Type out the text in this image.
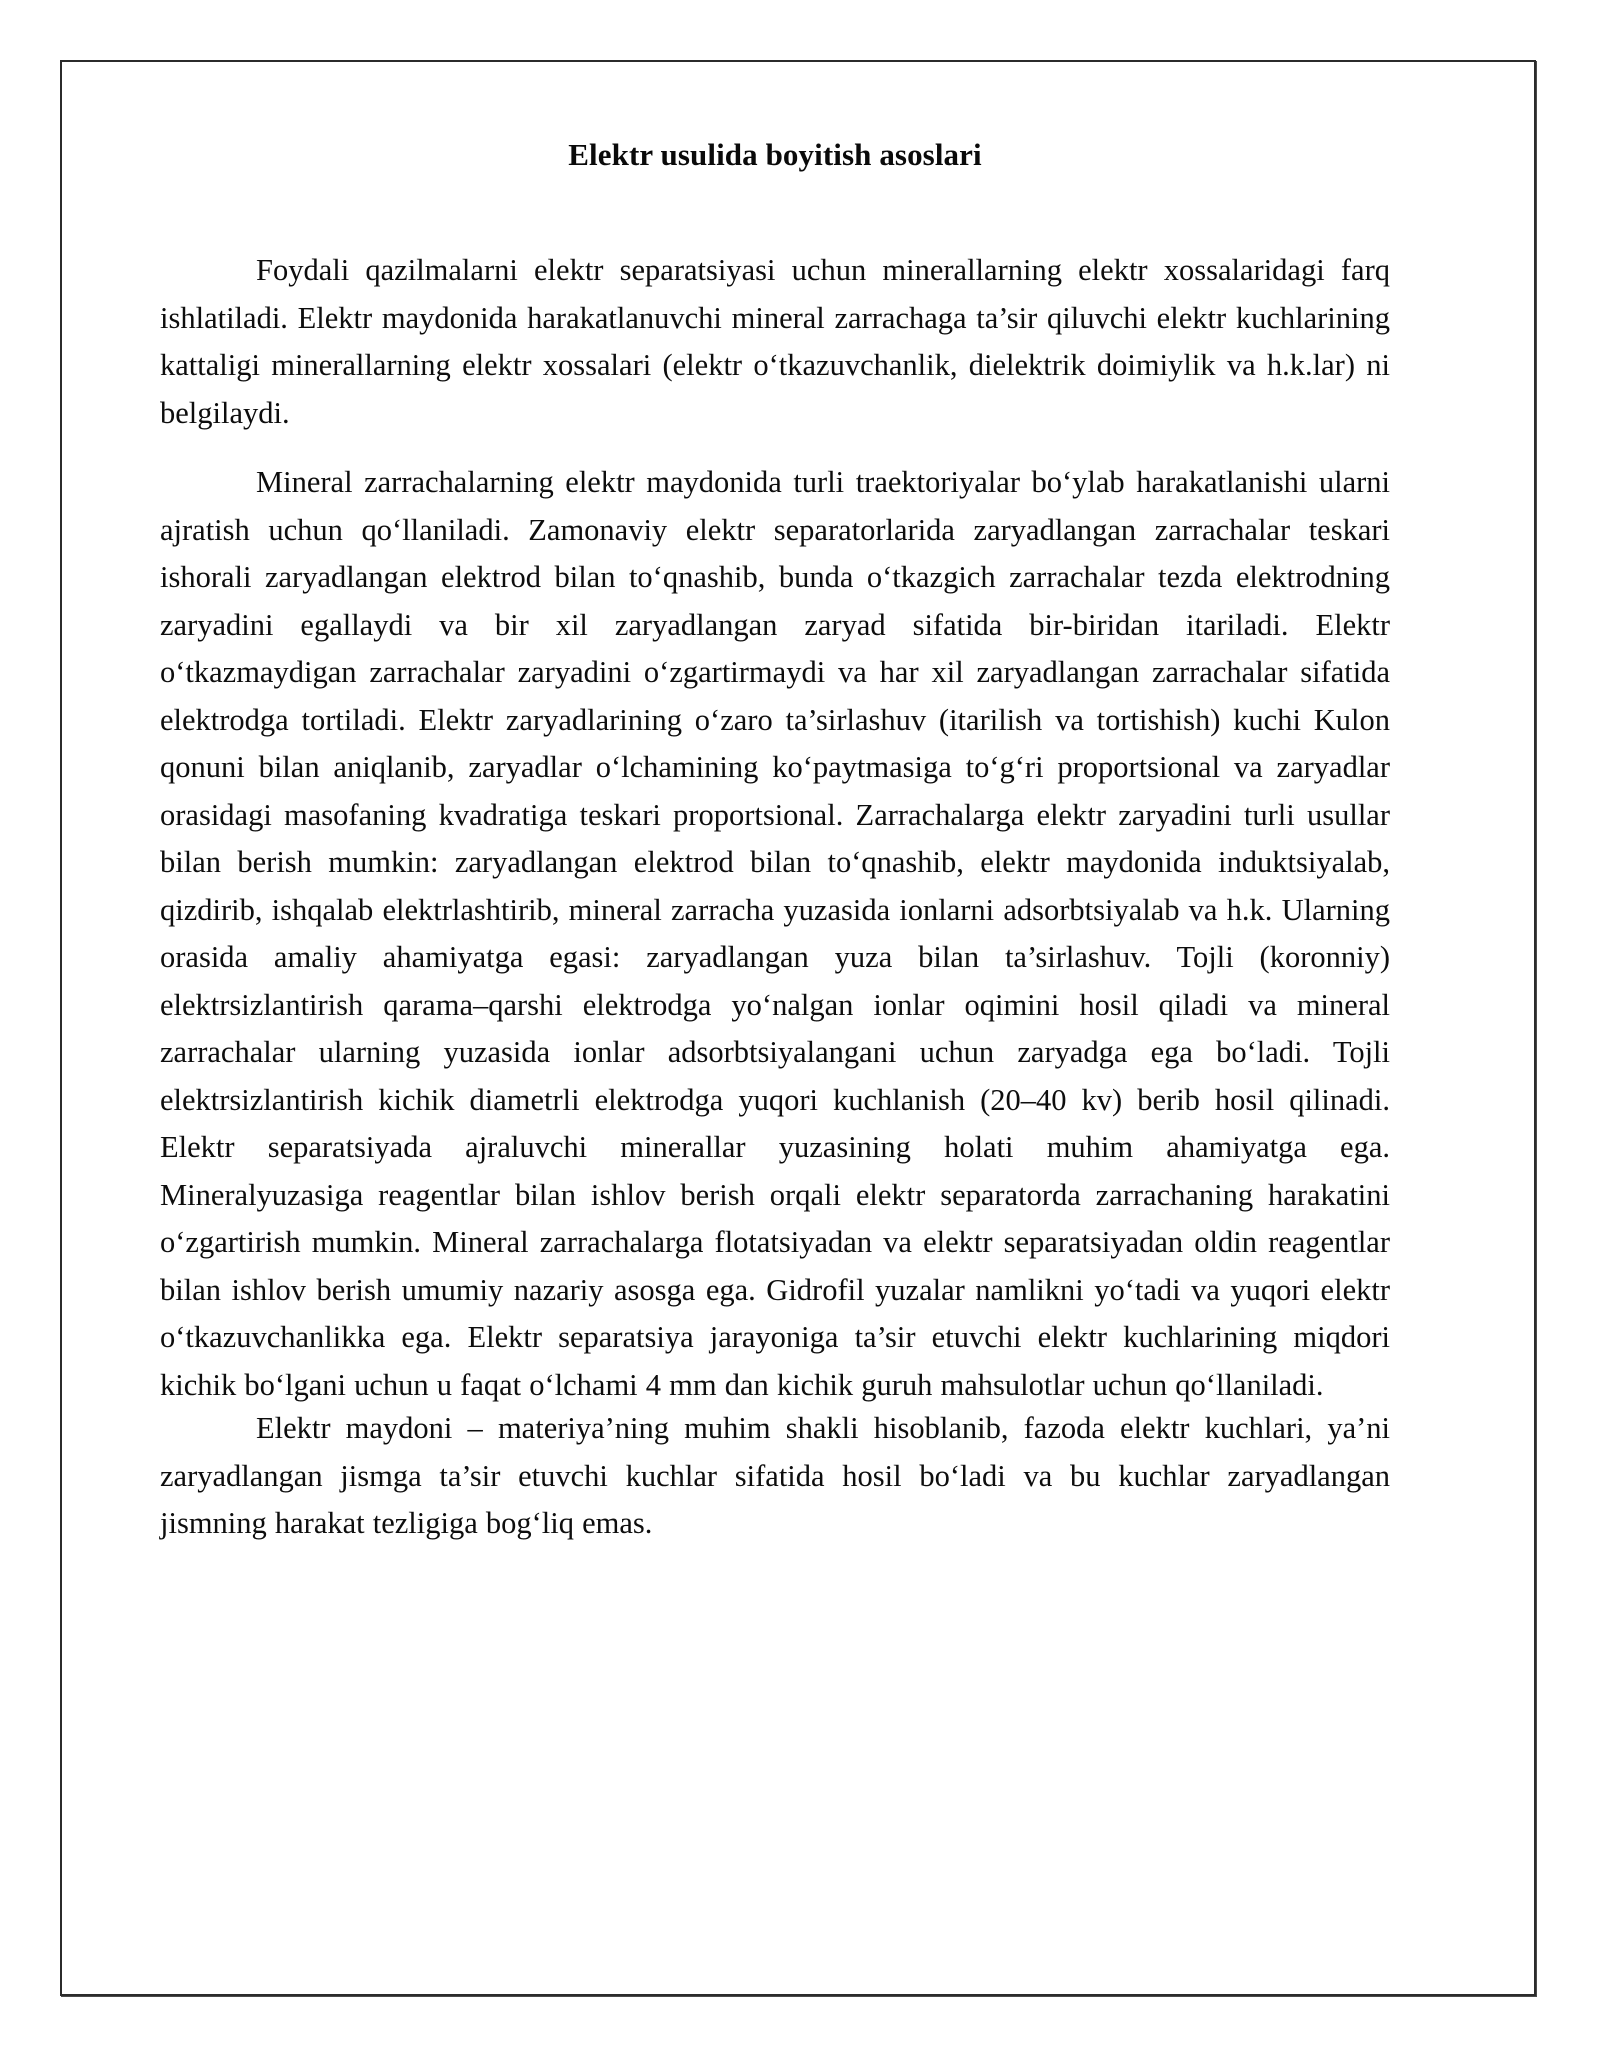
Elektr usulida boyitish asoslari

Foydali qazilmalarni elektr separatsiyasi uchun minerallarning elektr xossalaridagi farq ishlatiladi. Elektr maydonida harakatlanuvchi mineral zarrachaga ta’sir qiluvchi elektr kuchlarining kattaligi minerallarning elektr xossalari (elektr o‘tkazuvchanlik, dielektrik doimiylik va h.k.lar) ni belgilaydi.

Mineral zarrachalarning elektr maydonida turli traektoriyalar bo‘ylab harakatlanishi ularni ajratish uchun qo‘llaniladi. Zamonaviy elektr separatorlarida zaryadlangan zarrachalar teskari ishorali zaryadlangan elektrod bilan to‘qnashib, bunda o‘tkazgich zarrachalar tezda elektrodning zaryadini egallaydi va bir xil zaryadlangan zaryad sifatida bir-biridan itariladi. Elektr o‘tkazmaydigan zarrachalar zaryadini o‘zgartirmaydi va har xil zaryadlangan zarrachalar sifatida elektrodga tortiladi. Elektr zaryadlarining o‘zaro ta’sirlashuv (itarilish va tortishish) kuchi Kulon qonuni bilan aniqlanib, zaryadlar o‘lchamining ko‘paytmasiga to‘g‘ri proportsional va zaryadlar orasidagi masofaning kvadratiga teskari proportsional. Zarrachalarga elektr zaryadini turli usullar bilan berish mumkin: zaryadlangan elektrod bilan to‘qnashib, elektr maydonida induktsiyalab, qizdirib, ishqalab elektrlashtirib, mineral zarracha yuzasida ionlarni adsorbtsiyalab va h.k. Ularning orasida amaliy ahamiyatga egasi: zaryadlangan yuza bilan ta’sirlashuv. Tojli (koronniy) elektrsizlantirish qarama–qarshi elektrodga yo‘nalgan ionlar oqimini hosil qiladi va mineral zarrachalar ularning yuzasida ionlar adsorbtsiyalangani uchun zaryadga ega bo‘ladi. Tojli elektrsizlantirish kichik diametrli elektrodga yuqori kuchlanish (20–40 kv) berib hosil qilinadi. Elektr separatsiyada ajraluvchi minerallar yuzasining holati muhim ahamiyatga ega. Mineralyuzasiga reagentlar bilan ishlov berish orqali elektr separatorda zarrachaning harakatini o‘zgartirish mumkin. Mineral zarrachalarga flotatsiyadan va elektr separatsiyadan oldin reagentlar bilan ishlov berish umumiy nazariy asosga ega. Gidrofil yuzalar namlikni yo‘tadi va yuqori elektr o‘tkazuvchanlikka ega. Elektr separatsiya jarayoniga ta’sir etuvchi elektr kuchlarining miqdori kichik bo‘lgani uchun u faqat o‘lchami 4 mm dan kichik guruh mahsulotlar uchun qo‘llaniladi.

Elektr maydoni – materiya’ning muhim shakli hisoblanib, fazoda elektr kuchlari, ya’ni zaryadlangan jismga ta’sir etuvchi kuchlar sifatida hosil bo‘ladi va bu kuchlar zaryadlangan jismning harakat tezligiga bog‘liq emas.
